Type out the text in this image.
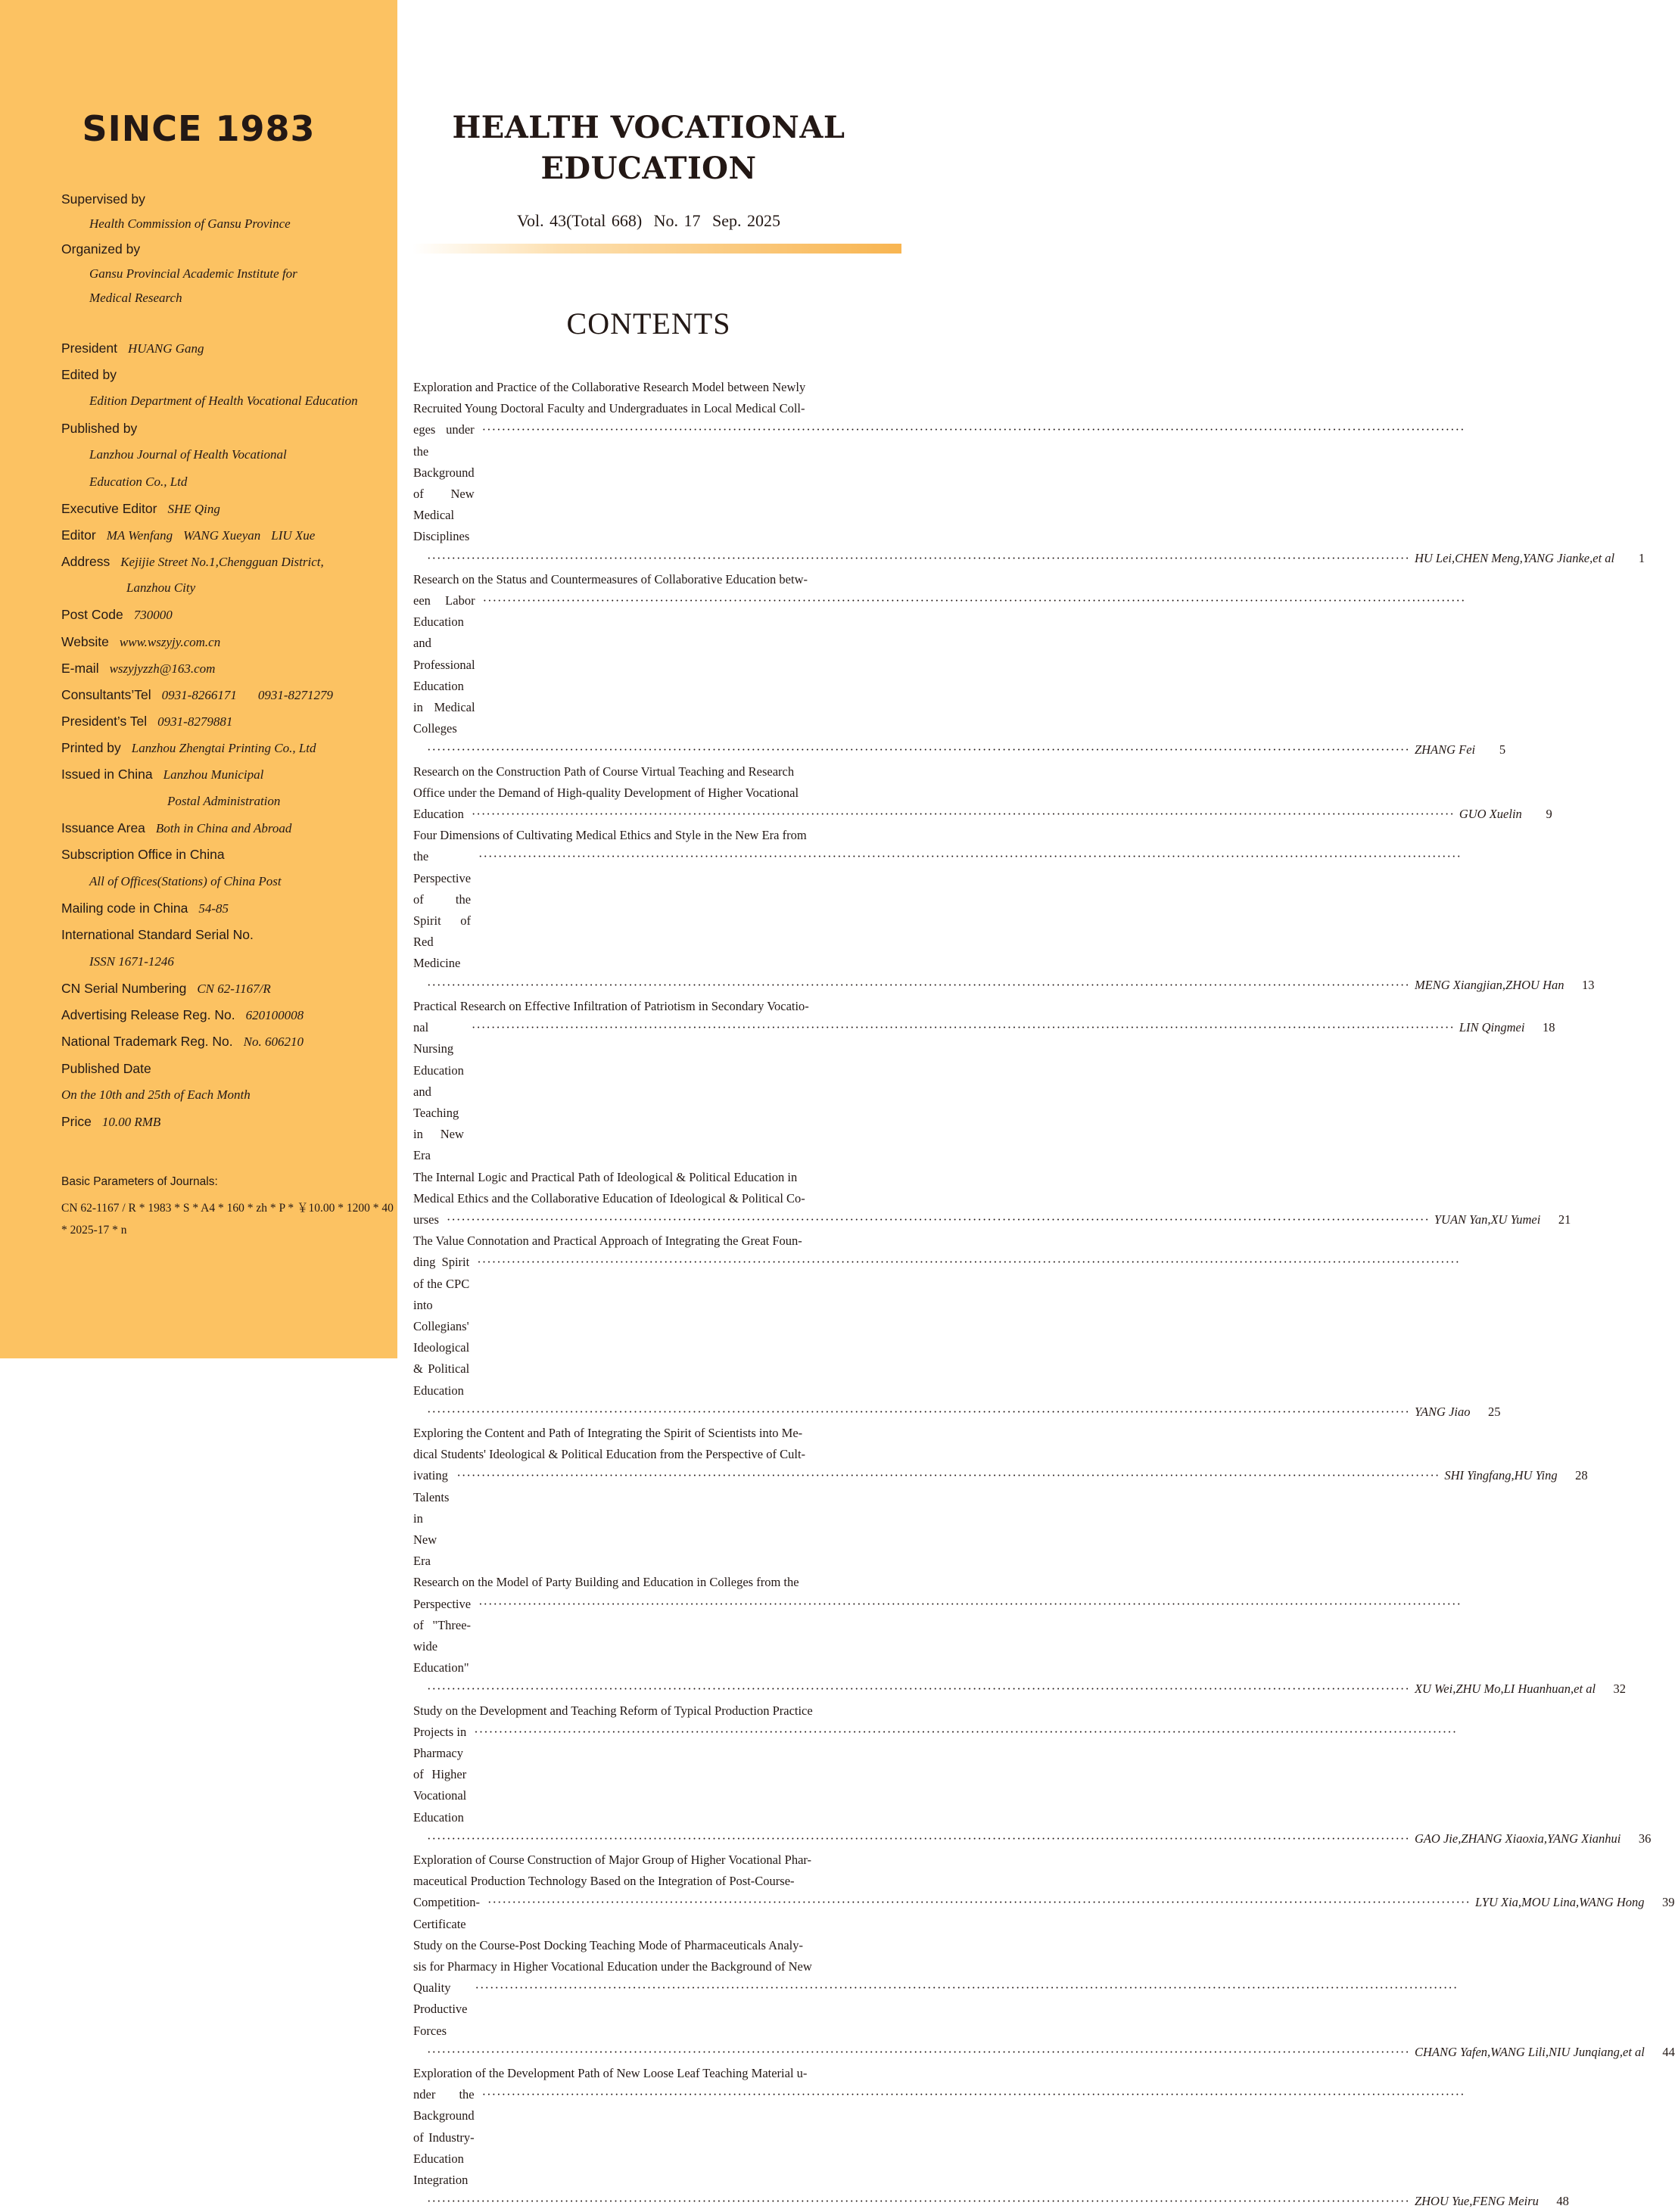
SINCE 1983
Supervised by
Health Commission of Gansu Province
Organized by
Gansu Provincial Academic Institute for
Medical Research
President HUANG Gang
Edited by
Edition Department of Health Vocational Education
Published by
Lanzhou Journal of Health Vocational
Education Co., Ltd
Executive Editor SHE Qing
Editor MA Wenfang WANG Xueyan LIU Xue
Address Kejijie Street No.1,Chengguan District,
Lanzhou City
Post Code 730000
Website www.wszyjy.com.cn
E-mail wszyjyzzh@163.com
Consultants’Tel 0931-8266171 0931-8271279
President’s Tel 0931-8279881
Printed by Lanzhou Zhengtai Printing Co., Ltd
Issued in China Lanzhou Municipal
Postal Administration
Issuance Area Both in China and Abroad
Subscription Office in China
All of Offices(Stations) of China Post
Mailing code in China 54-85
International Standard Serial No.
ISSN 1671-1246
CN Serial Numbering CN 62-1167/R
Advertising Release Reg. No. 620100008
National Trademark Reg. No. No. 606210
Published Date
On the 10th and 25th of Each Month
Price 10.00 RMB
Basic Parameters of Journals:
CN 62-1167 / R * 1983 * S * A4 * 160 * zh * P * ￥10.00 * 1200 * 40 * 2025-17 * n
HEALTH VOCATIONAL EDUCATION
Vol. 43(Total 668) No. 17 Sep. 2025
CONTENTS
Exploration and Practice of the Collaborative Research Model between Newly
Recruited Young Doctoral Faculty and Undergraduates in Local Medical Coll-
eges under the Background of New Medical Disciplines
········································································································································································································
········································································································································································································ HU Lei,CHEN Meng,YANG Jianke,et al	1
Research on the Status and Countermeasures of Collaborative Education betw-
een Labor Education and Professional Education in Medical Colleges
········································································································································································································
········································································································································································································ ZHANG Fei	5
Research on the Construction Path of Course Virtual Teaching and Research
Office under the Demand of High-quality Development of Higher Vocational
Education ········································································································································································································ GUO Xuelin	9
Four Dimensions of Cultivating Medical Ethics and Style in the New Era from
the Perspective of the Spirit of Red Medicine
········································································································································································································
········································································································································································································ MENG Xiangjian,ZHOU Han	13
Practical Research on Effective Infiltration of Patriotism in Secondary Vocatio-
nal Nursing Education and Teaching in New Era
········································································································································································································ LIN Qingmei	18
The Internal Logic and Practical Path of Ideological & Political Education in
Medical Ethics and the Collaborative Education of Ideological & Political Co-
urses ········································································································································································································ YUAN Yan,XU Yumei	21
The Value Connotation and Practical Approach of Integrating the Great Foun-
ding Spirit of the CPC into Collegians' Ideological & Political Education
········································································································································································································
········································································································································································································ YANG Jiao	25
Exploring the Content and Path of Integrating the Spirit of Scientists into Me-
dical Students' Ideological & Political Education from the Perspective of Cult-
ivating Talents in New Era
········································································································································································································ SHI Yingfang,HU Ying	28
Research on the Model of Party Building and Education in Colleges from the
Perspective of "Three-wide Education"
········································································································································································································
········································································································································································································ XU Wei,ZHU Mo,LI Huanhuan,et al	32
Study on the Development and Teaching Reform of Typical Production Practice
Projects in Pharmacy of Higher Vocational Education
········································································································································································································
········································································································································································································ GAO Jie,ZHANG Xiaoxia,YANG Xianhui	36
Exploration of Course Construction of Major Group of Higher Vocational Phar-
maceutical Production Technology Based on the Integration of Post-Course-
Competition-Certificate
········································································································································································································ LYU Xia,MOU Lina,WANG Hong	39
Study on the Course-Post Docking Teaching Mode of Pharmaceuticals Analy-
sis for Pharmacy in Higher Vocational Education under the Background of New
Quality Productive Forces
········································································································································································································
········································································································································································································ CHANG Yafen,WANG Lili,NIU Junqiang,et al	44
Exploration of the Development Path of New Loose Leaf Teaching Material u-
nder the Background of Industry-Education Integration
········································································································································································································
········································································································································································································ ZHOU Yue,FENG Meiru	48
